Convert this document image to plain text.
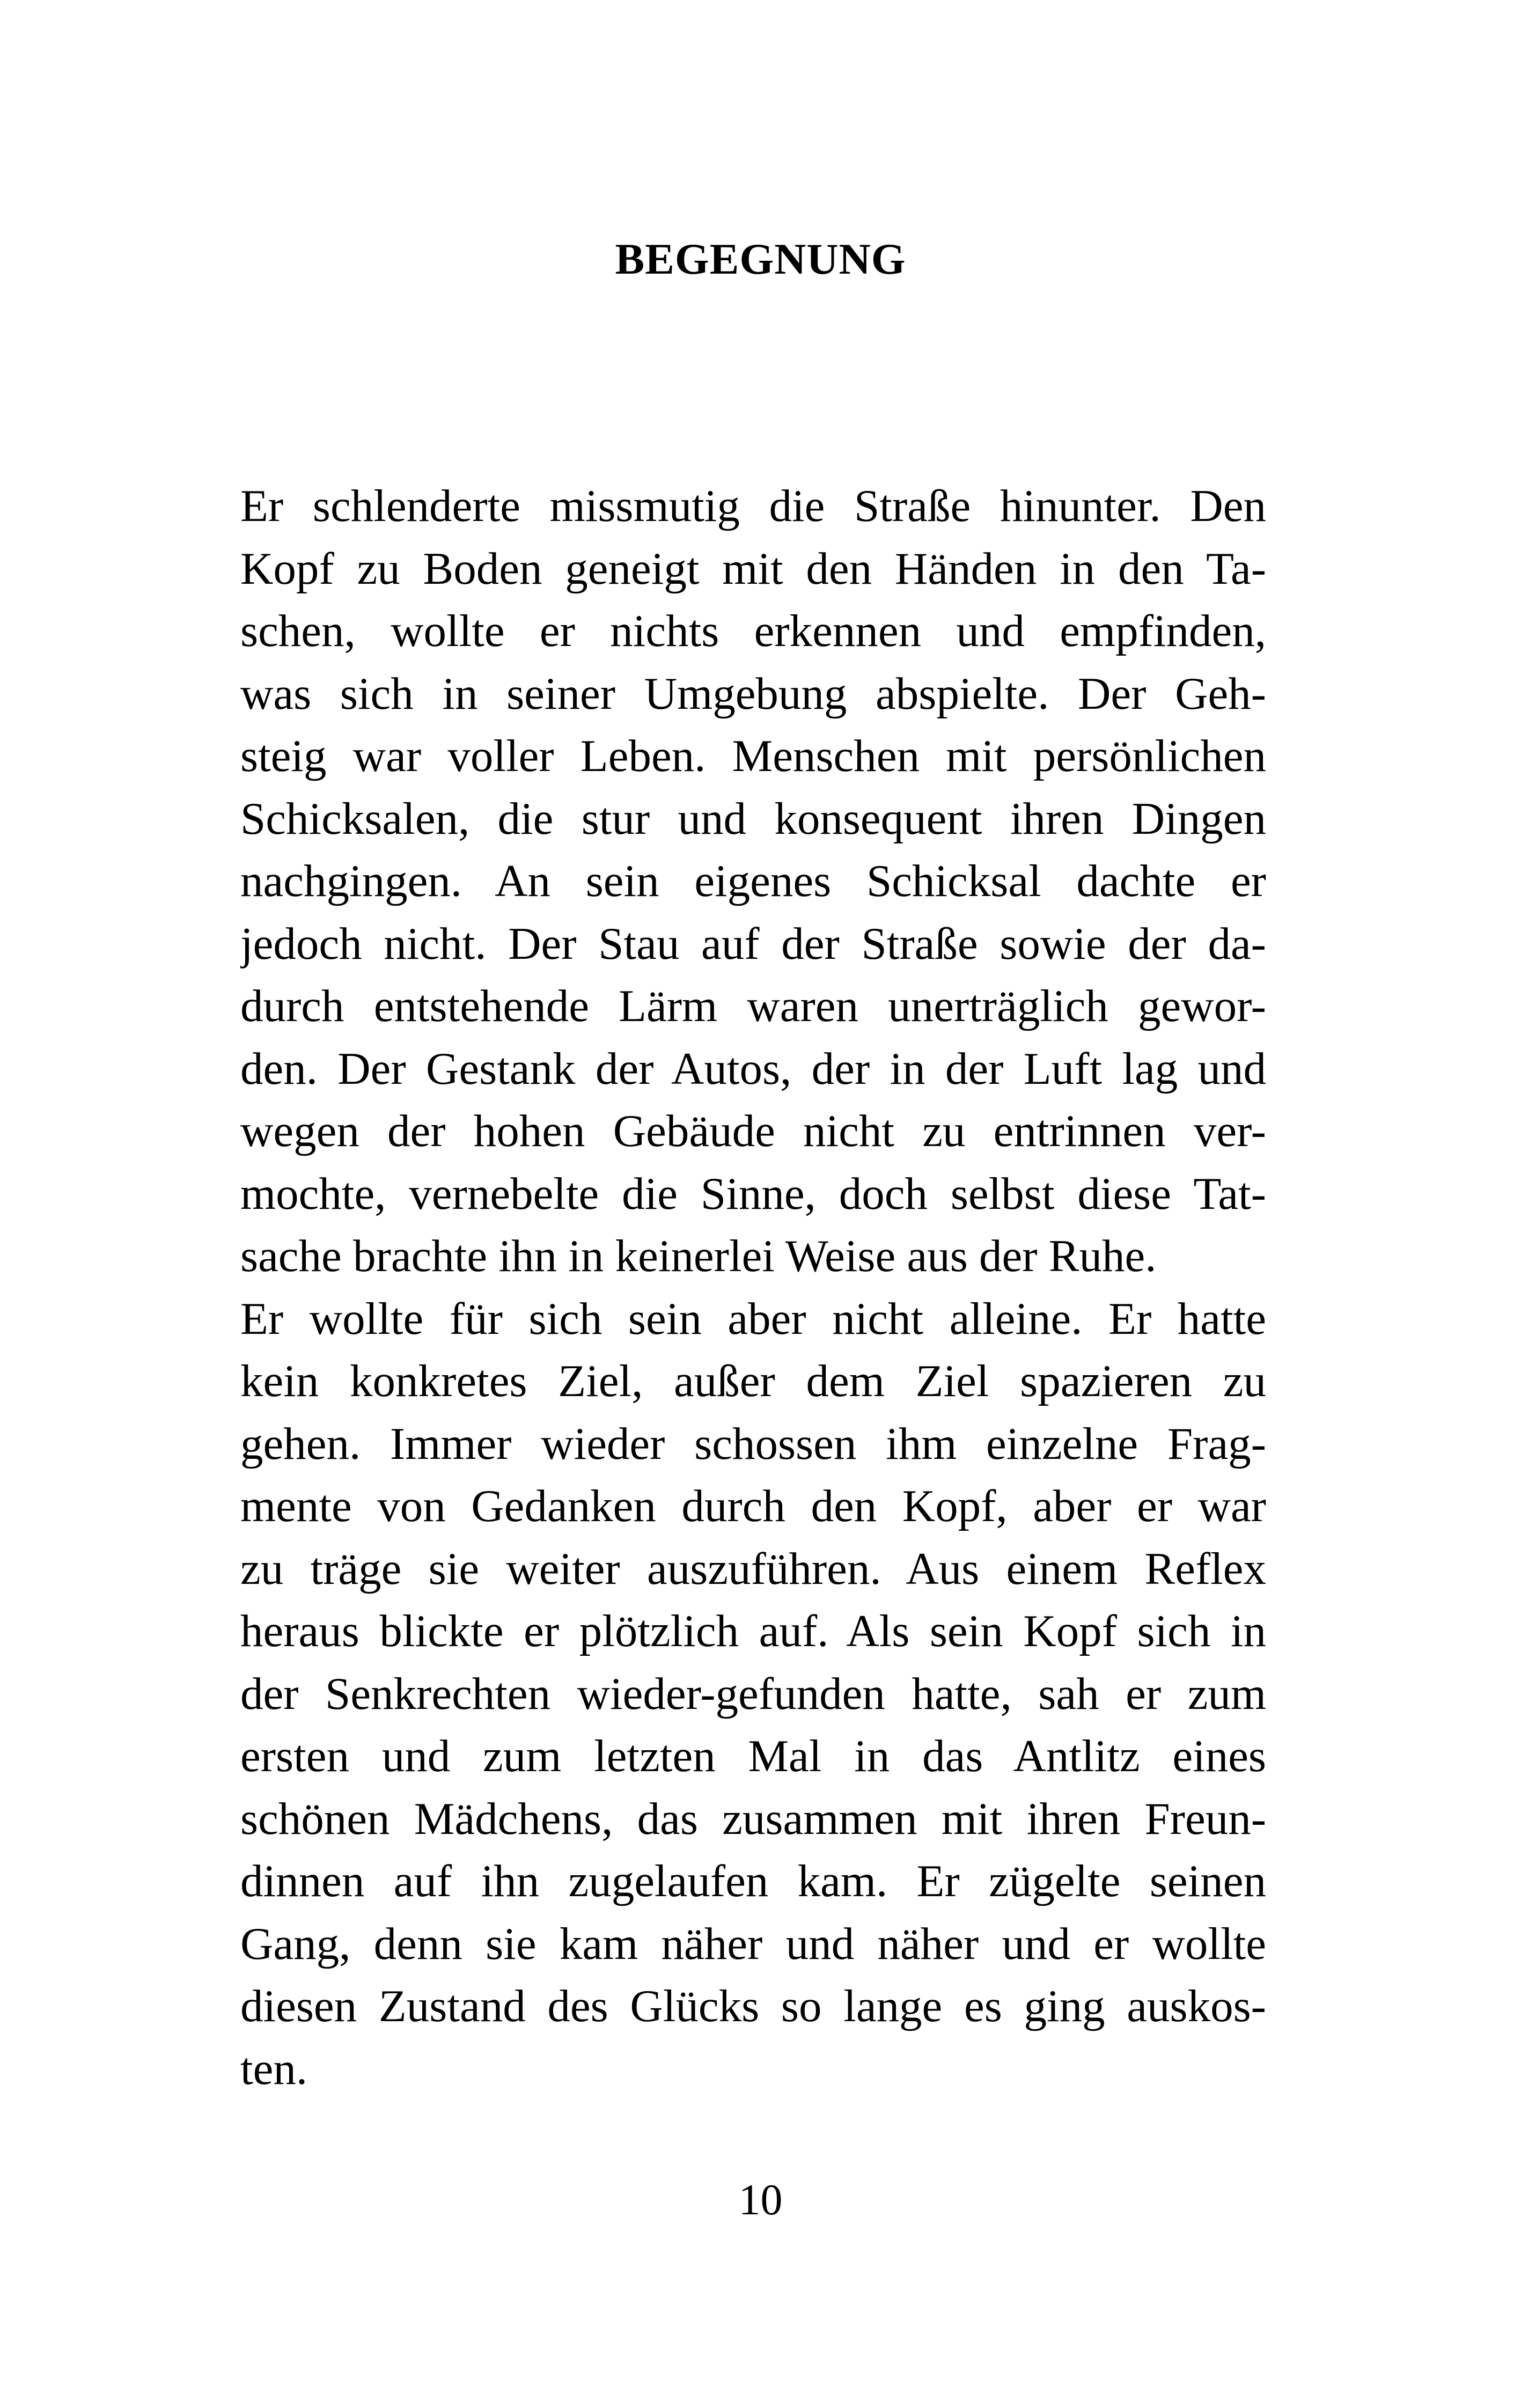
BEGEGNUNG
Er schlenderte missmutig die Straße hinunter. Den
Kopf zu Boden geneigt mit den Händen in den Ta-
schen, wollte er nichts erkennen und empfinden,
was sich in seiner Umgebung abspielte. Der Geh-
steig war voller Leben. Menschen mit persönlichen
Schicksalen, die stur und konsequent ihren Dingen
nachgingen. An sein eigenes Schicksal dachte er
jedoch nicht. Der Stau auf der Straße sowie der da-
durch entstehende Lärm waren unerträglich gewor-
den. Der Gestank der Autos, der in der Luft lag und
wegen der hohen Gebäude nicht zu entrinnen ver-
mochte, vernebelte die Sinne, doch selbst diese Tat-
sache brachte ihn in keinerlei Weise aus der Ruhe.
Er wollte für sich sein aber nicht alleine. Er hatte
kein konkretes Ziel, außer dem Ziel spazieren zu
gehen. Immer wieder schossen ihm einzelne Frag-
mente von Gedanken durch den Kopf, aber er war
zu träge sie weiter auszuführen. Aus einem Reflex
heraus blickte er plötzlich auf. Als sein Kopf sich in
der Senkrechten wieder-gefunden hatte, sah er zum
ersten und zum letzten Mal in das Antlitz eines
schönen Mädchens, das zusammen mit ihren Freun-
dinnen auf ihn zugelaufen kam. Er zügelte seinen
Gang, denn sie kam näher und näher und er wollte
diesen Zustand des Glücks so lange es ging auskos-
ten.
10
